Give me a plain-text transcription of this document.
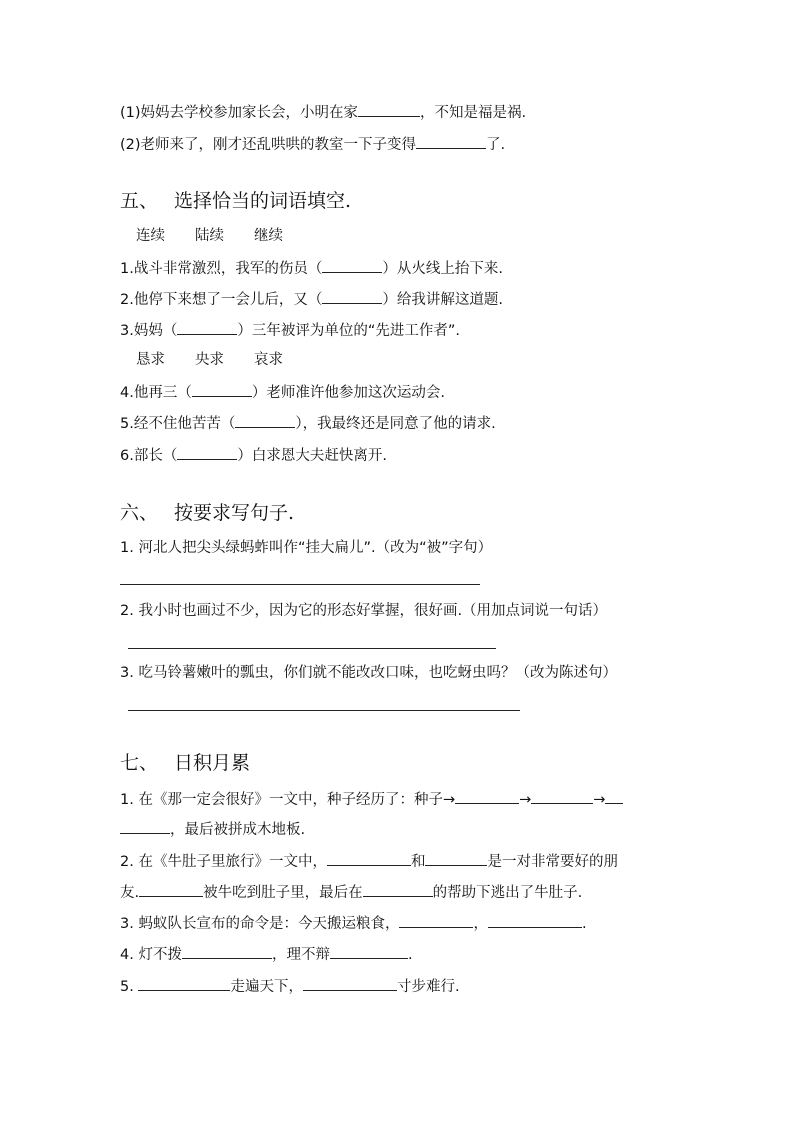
(1)妈妈去学校参加家长会，小明在家	，不知是福是祸.
(2)老师来了，刚才还乱哄哄的教室一下子变得	了.
五、 选择恰当的词语填空.
连续 陆续 继续
1.战斗非常激烈，我军的伤员（	）从火线上抬下来.
2.他停下来想了一会儿后，又（	）给我讲解这道题.
3.妈妈（	）三年被评为单位的“先进工作者”.
恳求 央求 哀求
4.他再三（	）老师准许他参加这次运动会.
5.经不住他苦苦（	），我最终还是同意了他的请求.
6.部长（	）白求恩大夫赶快离开.
六、 按要求写句子.
1. 河北人把尖头绿蚂蚱叫作“挂大扁儿”.（改为“被”字句）
2. 我小时也画过不少，因为它的形态好掌握，很好画.（用加点词说一句话）
3. 吃马铃薯嫩叶的瓢虫，你们就不能改改口味，也吃蚜虫吗？（改为陈述句）
七、 日积月累
1. 在《那一定会很好》一文中，种子经历了：种子→	→	→
，最后被拼成木地板.
2. 在《牛肚子里旅行》一文中，	和	是一对非常要好的朋
友.	被牛吃到肚子里，最后在	的帮助下逃出了牛肚子.
3. 蚂蚁队长宣布的命令是：今天搬运粮食，	，	.
4. 灯不拨	，理不辩	.
5.	走遍天下，	寸步难行.
